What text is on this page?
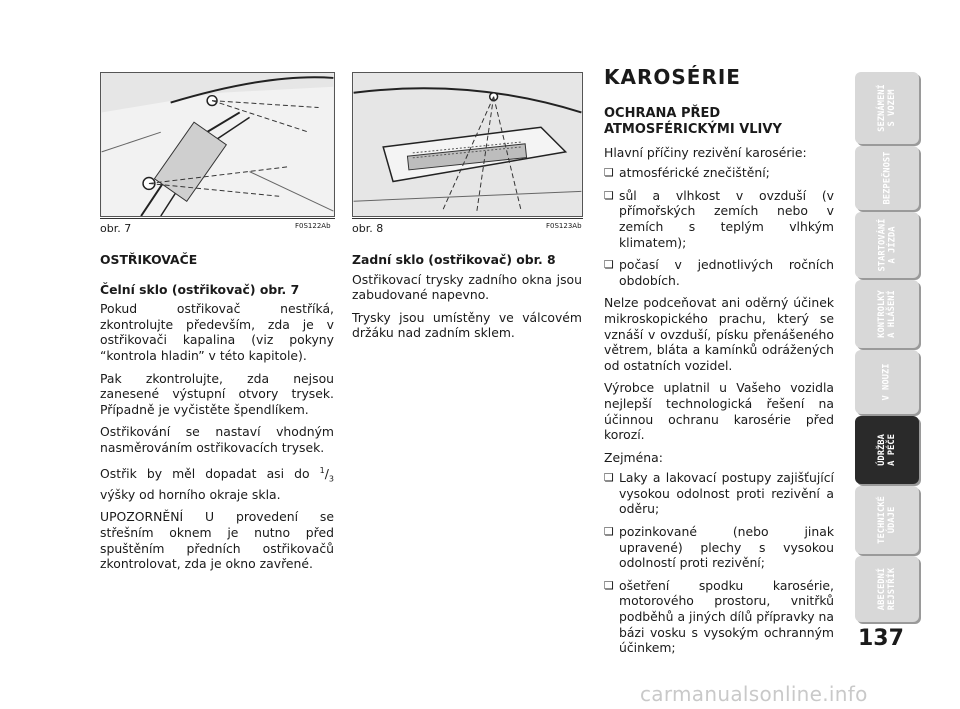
obr. 7	F0S122Ab obr. 8	F0S123Ab

OSTŘIKOVAČE

Čelní sklo (ostřikovač) obr. 7

Pokud ostřikovač nestříká, zkontrolujte především, zda je v ostřikovači kapalina (viz pokyny “kontrola hladin” v této kapitole).

Pak zkontrolujte, zda nejsou zanesené výstupní otvory trysek. Případně je vyčistěte špendlíkem.

Ostřikování se nastaví vhodným nasměrováním ostřikovacích trysek.

Ostřik by měl dopadat asi do $^1/_3$ výšky od horního okraje skla.

UPOZORNĚNÍ U provedení se střešním oknem je nutno před spuštěním předních ostřikovačů zkontrolovat, zda je okno zavřené.

Zadní sklo (ostřikovač) obr. 8

Ostřikovací trysky zadního okna jsou zabudované napevno.

Trysky jsou umístěny ve válcovém držáku nad zadním sklem.

KAROSÉRIE

OCHRANA PŘED

ATMOSFÉRICKÝMI VLIVY

Hlavní příčiny rezivění karosérie:

❏ atmosférické znečištění;

❏ sůl a vlhkost v ovzduší (v přímořských zemích nebo v zemích s teplým vlhkým klimatem);

❏ počasí v jednotlivých ročních obdobích.

Nelze podceňovat ani oděrný účinek mikroskopického prachu, který se vznáší v ovzduší, písku přenášeného větrem, bláta a kamínků odrážených od ostatních vozidel.

Výrobce uplatnil u Vašeho vozidla nejlepší technologická řešení na účinnou ochranu karosérie před korozí.

Zejména:

❏ Laky a lakovací postupy zajišťující vysokou odolnost proti rezivění a oděru;

❏ pozinkované (nebo jinak upravené) plechy s vysokou odolností proti rezivění;

❏ ošetření spodku karosérie, motorového prostoru, vnitřků podběhů a jiných dílů přípravky na bázi vosku s vysokým ochranným účinkem;

SEZNÁMENÍ
S VOZEM
BEZPEČNOST
STARTOVÁNÍ
A JÍZDA
KONTROLKY
A HLÁŠENÍ
V NOUZI
ÚDRŽBA
A PÉČE
TECHNICKÉ
ÚDAJE
ABECEDNÍ
REJSTŘÍK
137
carmanualsonline.info
